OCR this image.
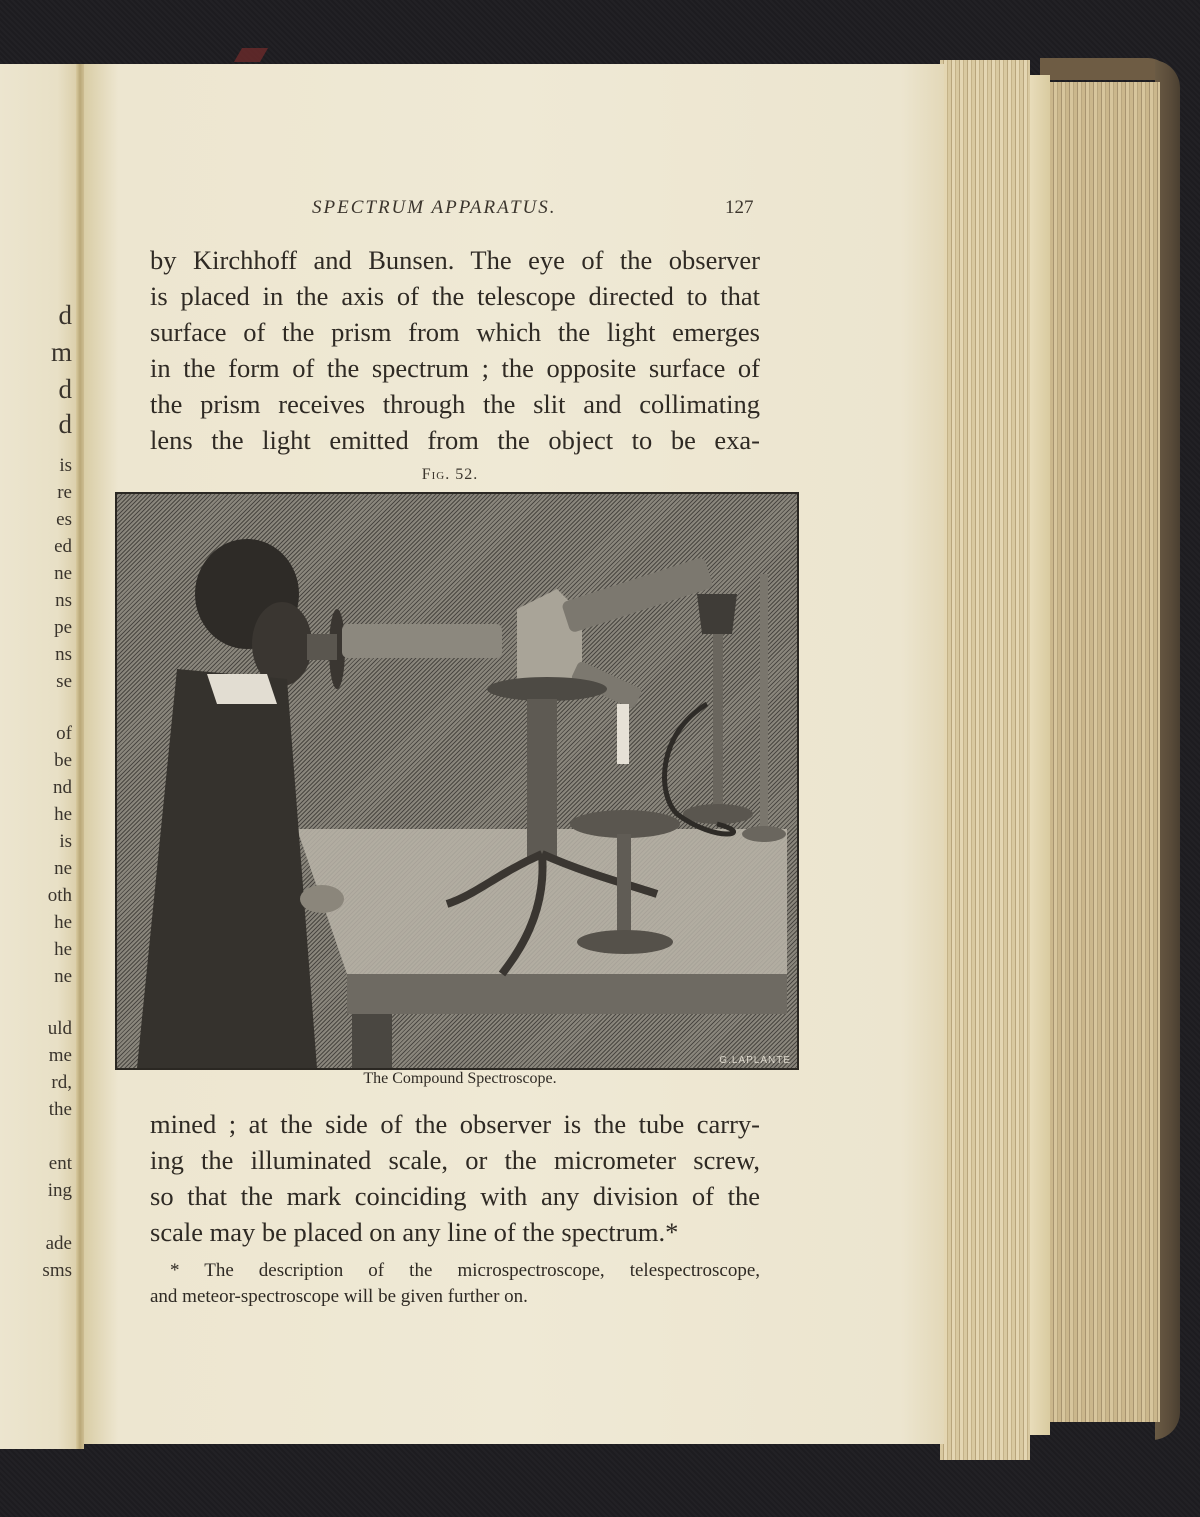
d
m
d
d
is
re
es
ed
ne
ns
pe
ns
se
of
be
nd
he
is
ne
oth
he
he
ne
uld
me
rd,
the
ent
ing
ade
sms
SPECTRUM APPARATUS.	127
by Kirchhoff and Bunsen. The eye of the observer
is placed in the axis of the telescope directed to that
surface of the prism from which the light emerges
in the form of the spectrum ; the opposite surface of
the prism receives through the slit and collimating
lens the light emitted from the object to be exa-
Fig. 52.
G.LAPLANTE
The Compound Spectroscope.
mined ; at the side of the observer is the tube carry-
ing the illuminated scale, or the micrometer screw,
so that the mark coinciding with any division of the
scale may be placed on any line of the spectrum.*
* The description of the microspectroscope, telespectroscope,
and meteor-spectroscope will be given further on.
